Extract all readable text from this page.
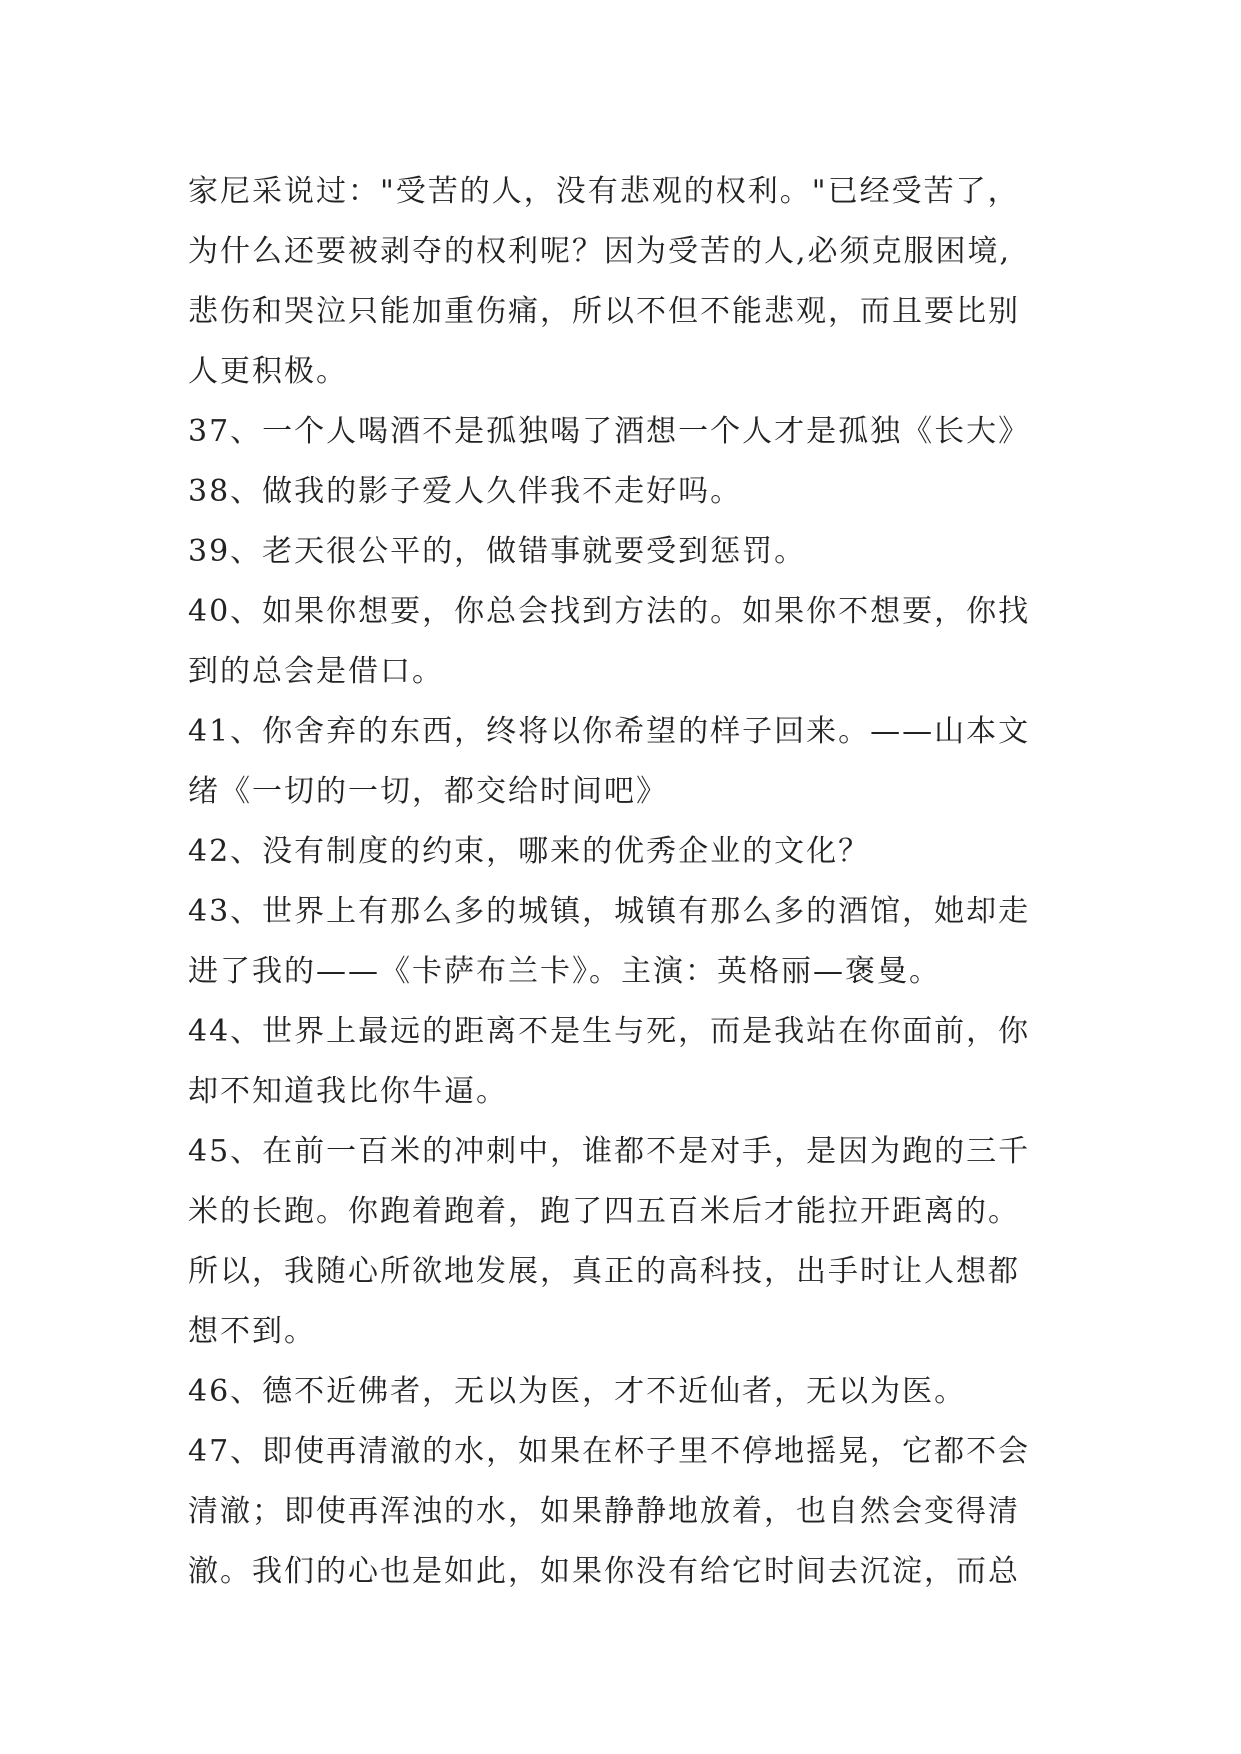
家尼采说过："受苦的人，没有悲观的权利。"已经受苦了，
为什么还要被剥夺的权利呢？因为受苦的人,必须克服困境,
悲伤和哭泣只能加重伤痛，所以不但不能悲观，而且要比别
人更积极。
37、一个人喝酒不是孤独喝了酒想一个人才是孤独《长大》
38、做我的影子爱人久伴我不走好吗。
39、老天很公平的，做错事就要受到惩罚。
40、如果你想要，你总会找到方法的。如果你不想要，你找
到的总会是借口。
41、你舍弃的东西，终将以你希望的样子回来。——山本文
绪《一切的一切，都交给时间吧》
42、没有制度的约束，哪来的优秀企业的文化？
43、世界上有那么多的城镇，城镇有那么多的酒馆，她却走
进了我的——《卡萨布兰卡》。主演：英格丽—褒曼。
44、世界上最远的距离不是生与死，而是我站在你面前，你
却不知道我比你牛逼。
45、在前一百米的冲刺中，谁都不是对手，是因为跑的三千
米的长跑。你跑着跑着，跑了四五百米后才能拉开距离的。
所以，我随心所欲地发展，真正的高科技，出手时让人想都
想不到。
46、德不近佛者，无以为医，才不近仙者，无以为医。
47、即使再清澈的水，如果在杯子里不停地摇晃，它都不会
清澈；即使再浑浊的水，如果静静地放着，也自然会变得清
澈。我们的心也是如此，如果你没有给它时间去沉淀，而总
